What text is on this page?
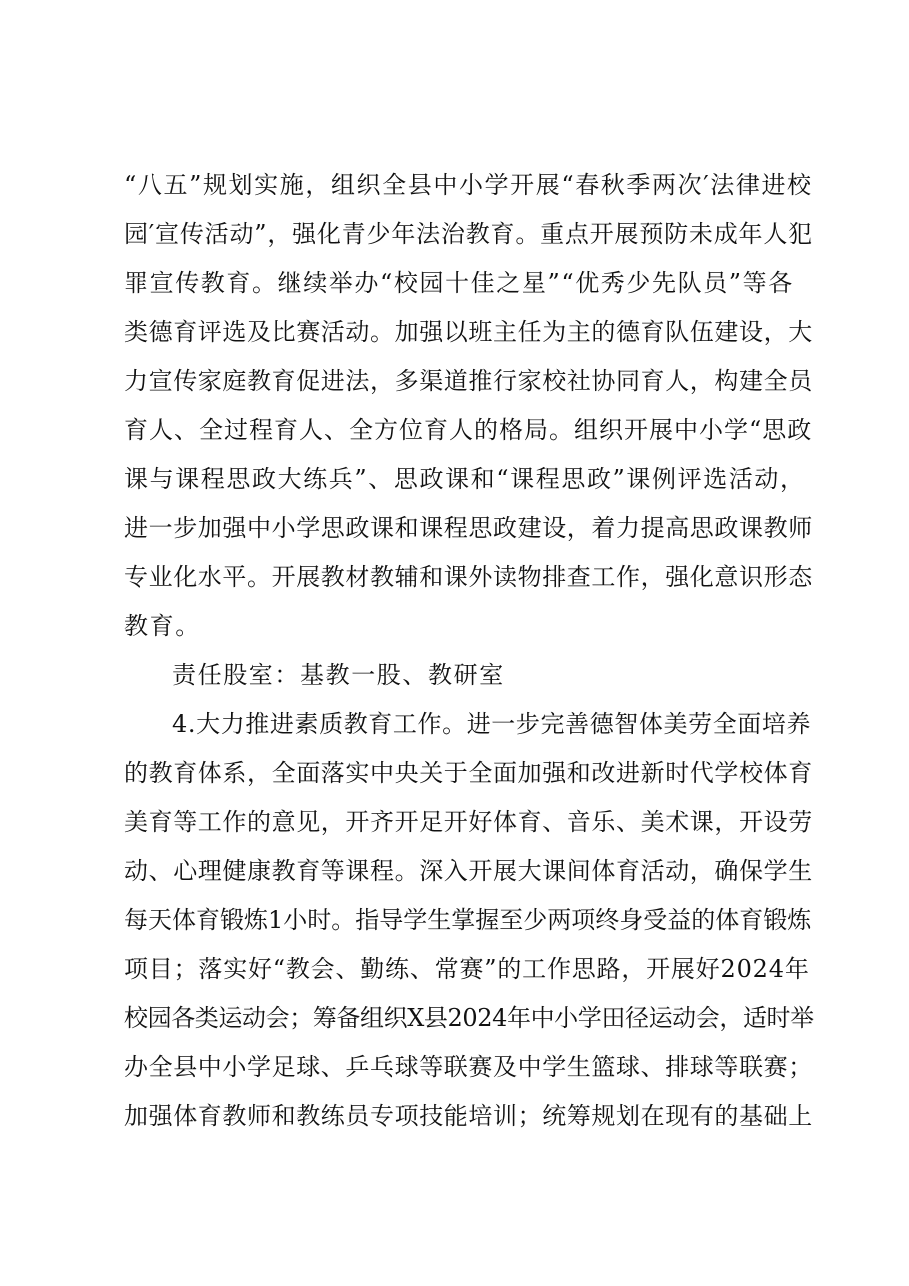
“八五”规划实施，组织全县中小学开展“春秋季两次′法律进校
园′宣传活动”，强化青少年法治教育。重点开展预防未成年人犯
罪宣传教育。继续举办“校园十佳之星”“优秀少先队员”等各
类德育评选及比赛活动。加强以班主任为主的德育队伍建设，大
力宣传家庭教育促进法，多渠道推行家校社协同育人，构建全员
育人、全过程育人、全方位育人的格局。组织开展中小学“思政
课与课程思政大练兵”、思政课和“课程思政”课例评选活动，
进一步加强中小学思政课和课程思政建设，着力提高思政课教师
专业化水平。开展教材教辅和课外读物排查工作，强化意识形态
教育。
责任股室：基教一股、教研室
4.大力推进素质教育工作。进一步完善德智体美劳全面培养
的教育体系，全面落实中央关于全面加强和改进新时代学校体育
美育等工作的意见，开齐开足开好体育、音乐、美术课，开设劳
动、心理健康教育等课程。深入开展大课间体育活动，确保学生
每天体育锻炼1小时。指导学生掌握至少两项终身受益的体育锻炼
项目；落实好“教会、勤练、常赛”的工作思路，开展好2024年
校园各类运动会；筹备组织X县2024年中小学田径运动会，适时举
办全县中小学足球、乒乓球等联赛及中学生篮球、排球等联赛；
加强体育教师和教练员专项技能培训；统筹规划在现有的基础上
